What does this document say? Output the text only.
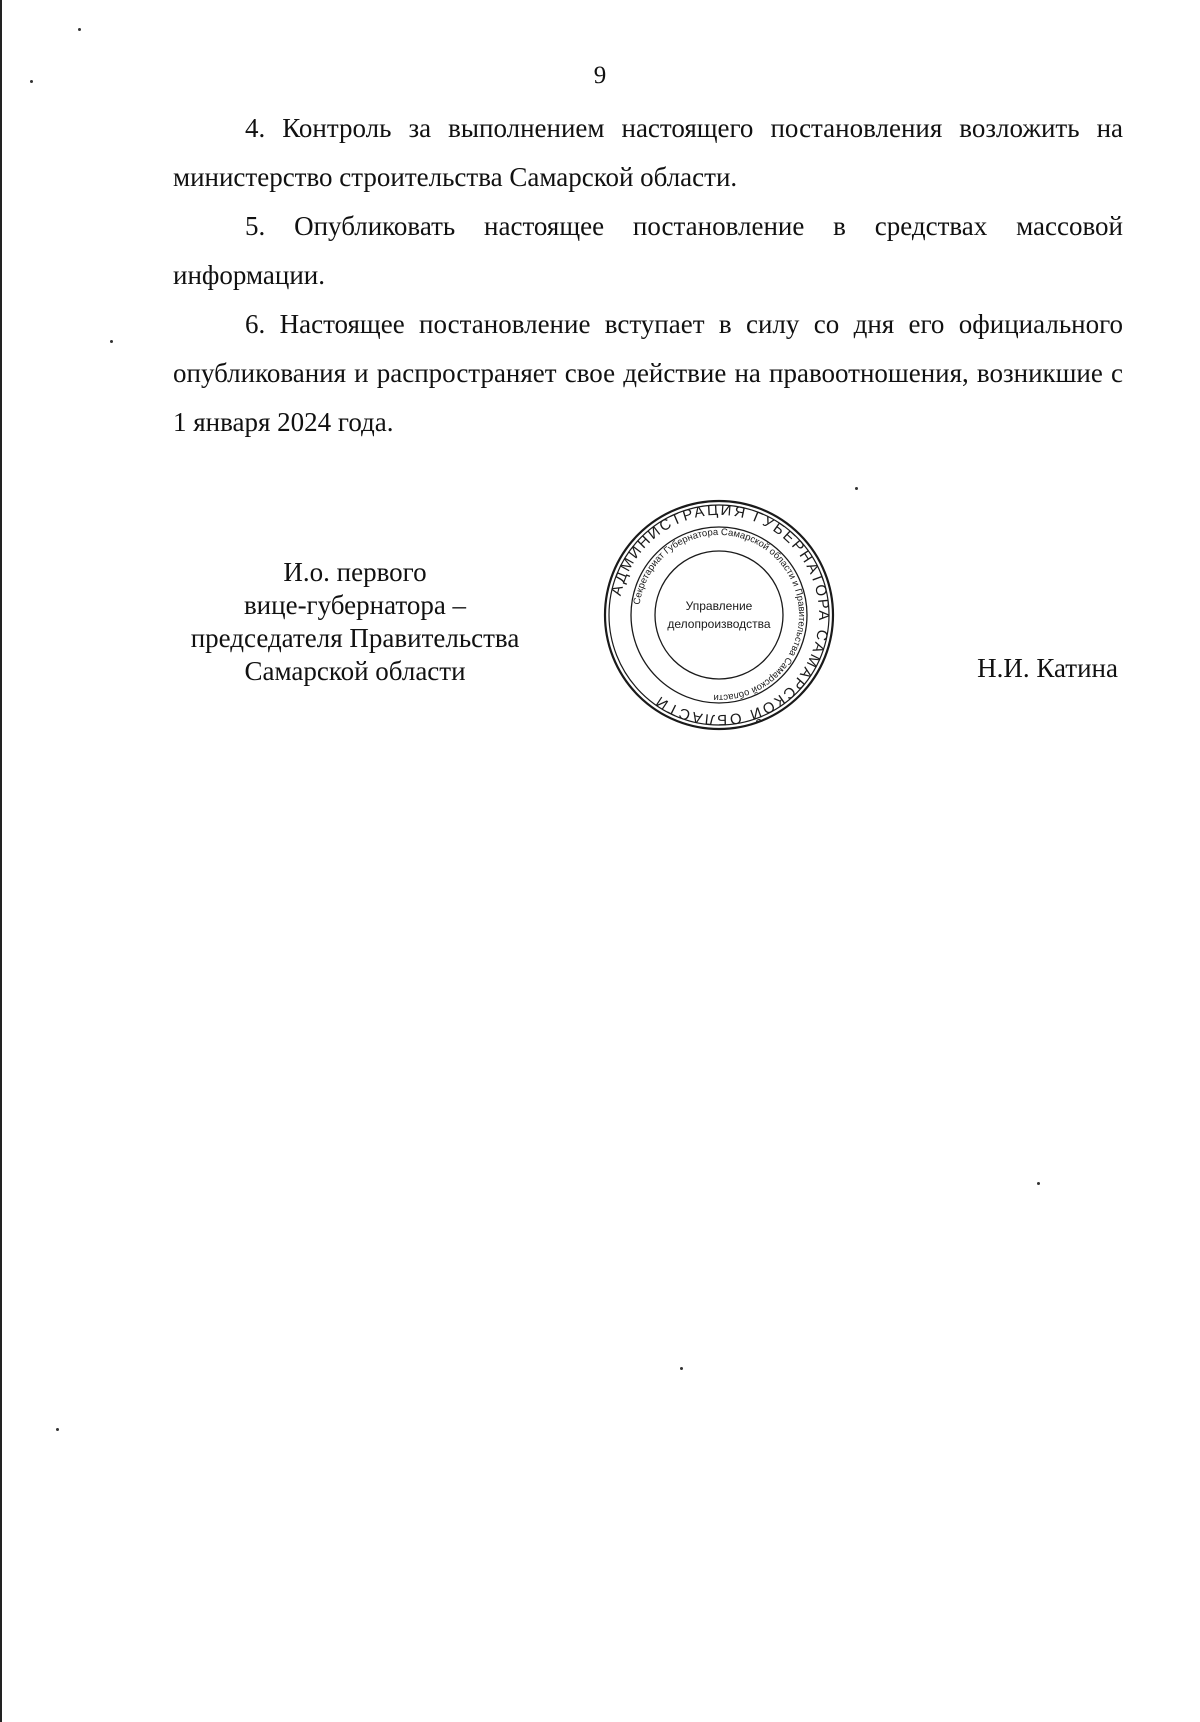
9

4. Контроль за выполнением настоящего постановления возложить на министерство строительства Самарской области.

5. Опубликовать настоящее постановление в средствах массовой информации.

6. Настоящее постановление вступает в силу со дня его официального опубликования и распространяет свое действие на правоотношения, возникшие с 1 января 2024 года.

И.о. первого
вице-губернатора –
председателя Правительства
Самарской области
АДМИНИСТРАЦИЯ ГУБЕРНАТОРА САМАРСКОЙ ОБЛАСТИ
Секретариат Губернатора Самарской области и Правительства Самарской области
Управление
делопроизводства
Н.И. Катина
